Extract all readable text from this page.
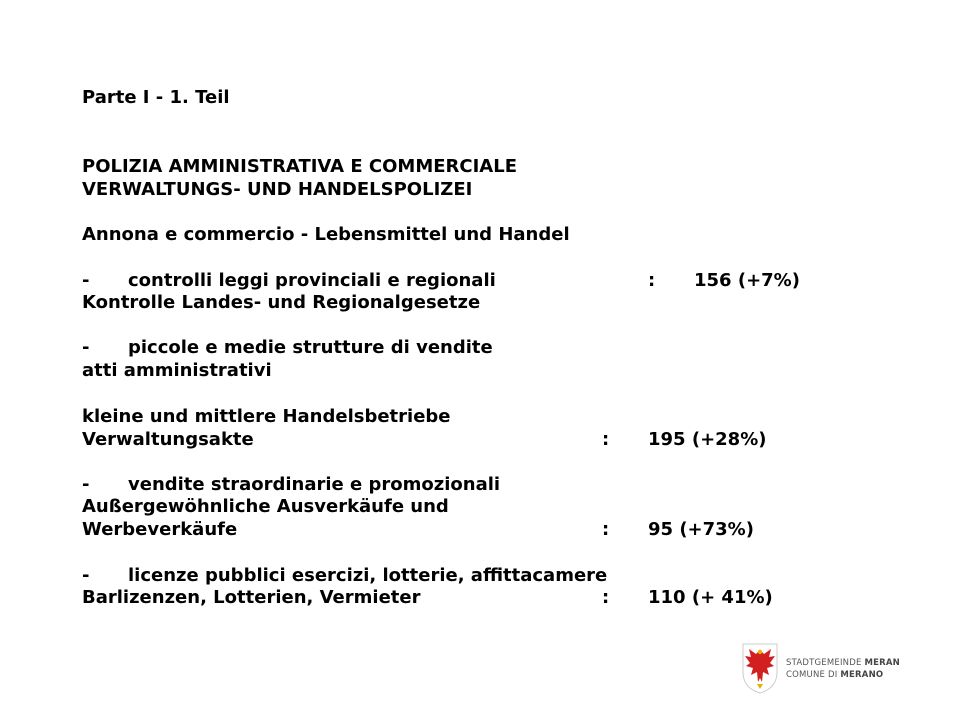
Parte I - 1. Teil
POLIZIA AMMINISTRATIVA E COMMERCIALE
VERWALTUNGS- UND HANDELSPOLIZEI
Annona e commercio - Lebensmittel und Handel
- controlli leggi provinciali e regionali	: 156 (+7%)
Kontrolle Landes- und Regionalgesetze
- piccole e medie strutture di vendite
atti amministrativi
kleine und mittlere Handelsbetriebe
Verwaltungsakte	: 195 (+28%)
- vendite straordinarie e promozionali
Außergewöhnliche Ausverkäufe und
Werbeverkäufe	: 95 (+73%)
- licenze pubblici esercizi, lotterie, affittacamere
Barlizenzen, Lotterien, Vermieter	: 110 (+ 41%)
STADTGEMEINDE MERAN
COMUNE DI MERANO
